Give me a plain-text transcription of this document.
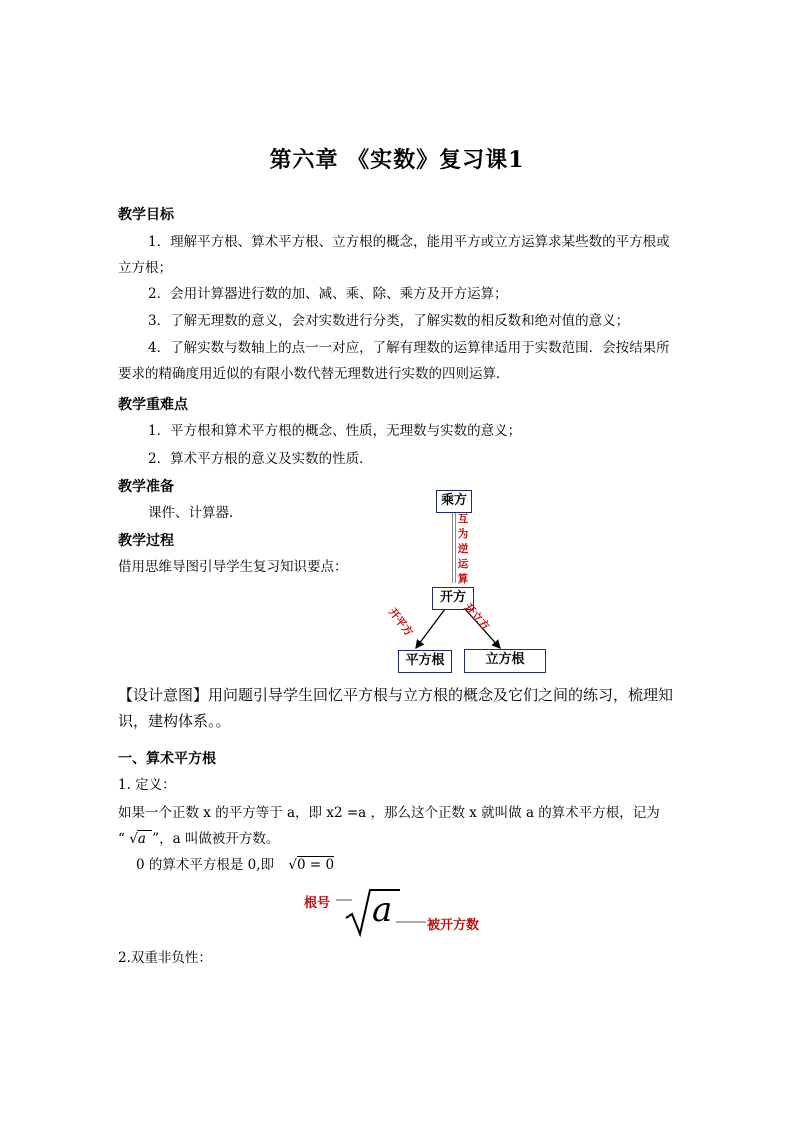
第六章 《实数》复习课1
教学目标
1．理解平方根、算术平方根、立方根的概念，能用平方或立方运算求某些数的平方根或立方根；
2．会用计算器进行数的加、减、乘、除、乘方及开方运算；
3．了解无理数的意义，会对实数进行分类，了解实数的相反数和绝对值的意义；
4．了解实数与数轴上的点一一对应，了解有理数的运算律适用于实数范围．会按结果所要求的精确度用近似的有限小数代替无理数进行实数的四则运算．
教学重难点
1．平方根和算术平方根的概念、性质，无理数与实数的意义；
2．算术平方根的意义及实数的性质．
教学准备
课件、计算器．
教学过程
借用思维导图引导学生复习知识要点：
乘方
开方
平方根	立方根
互
为
逆
运
算
开平方	开立方
【设计意图】用问题引导学生回忆平方根与立方根的概念及它们之间的练习，梳理知识，建构体系。。
一、算术平方根
1. 定义：
如果一个正数 x 的平方等于 a，即 x2 =a ，那么这个正数 x 就叫做 a 的算术平方根，记为
“ √a ”，a 叫做被开方数。
0 的算术平方根是 0,即 √0 = 0
根号 a	被开方数
2.双重非负性：
